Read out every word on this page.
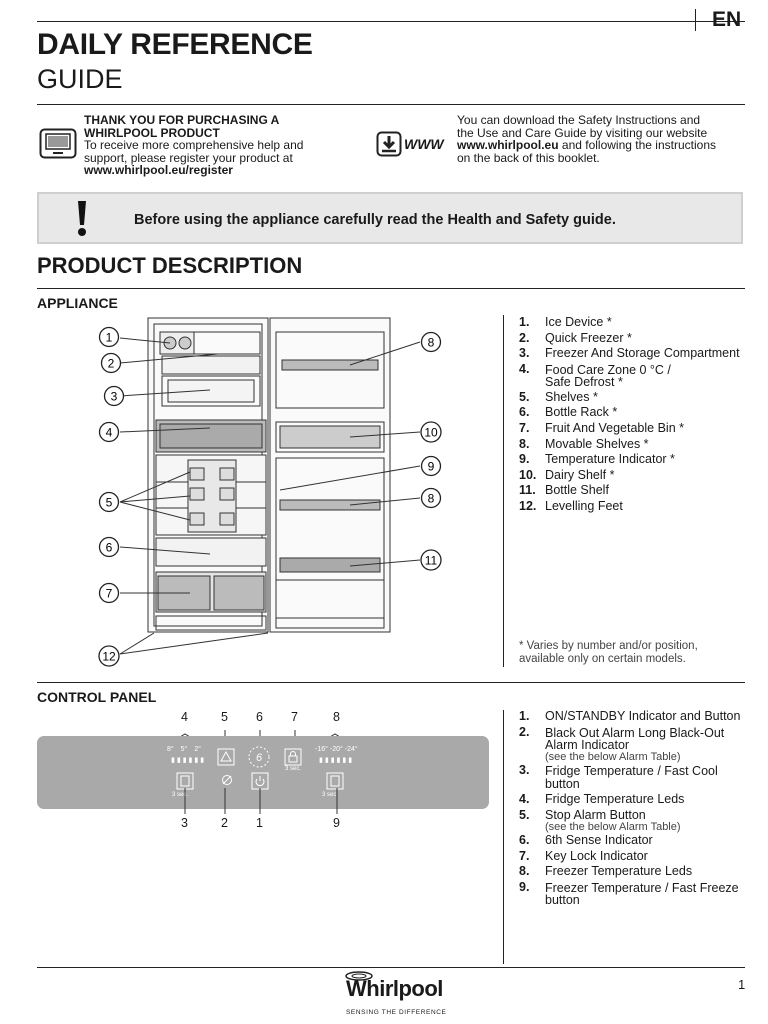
EN
DAILY REFERENCE
GUIDE
THANK YOU FOR PURCHASING A
WHIRLPOOL PRODUCT
To receive more comprehensive help and
support, please register your product at
www.whirlpool.eu/register
WWW
You can download the Safety Instructions and
the Use and Care Guide by visiting our website
www.whirlpool.eu and following the instructions
on the back of this booklet.
Before using the appliance carefully read the Health and Safety guide.
PRODUCT DESCRIPTION
APPLIANCE
1
2
3
4
5
6
7
8
10
9
8
11
12
1.	Ice Device *
2.	Quick Freezer *
3.	Freezer And Storage Compartment
4.	Food Care Zone 0 °C /
Safe Defrost *
5.	Shelves *
6.	Bottle Rack *
7.	Fruit And Vegetable Bin *
8.	Movable Shelves *
9.	Temperature Indicator *
10. Dairy Shelf *
11. Bottle Shelf
12. Levelling Feet
* Varies by number and/or position,
available only on certain models.
CONTROL PANEL
4	5 6 7	8
8° 5° 2°
▮▮▮▮▮▮	6
3 sec.
-16° -20° -24°
▮▮▮▮▮▮
3 sec.	3 sec.
3	2 1	9
1.	ON/STANDBY Indicator and Button
2.	Black Out Alarm Long Black-Out
Alarm Indicator
(see the below Alarm Table)
3.	Fridge Temperature / Fast Cool
button
4.	Fridge Temperature Leds
5.	Stop Alarm Button
(see the below Alarm Table)
6.	6th Sense Indicator
7.	Key Lock Indicator
8.	Freezer Temperature Leds
9.	Freezer Temperature / Fast Freeze
button
Whirlpool
SENSING THE DIFFERENCE
1
